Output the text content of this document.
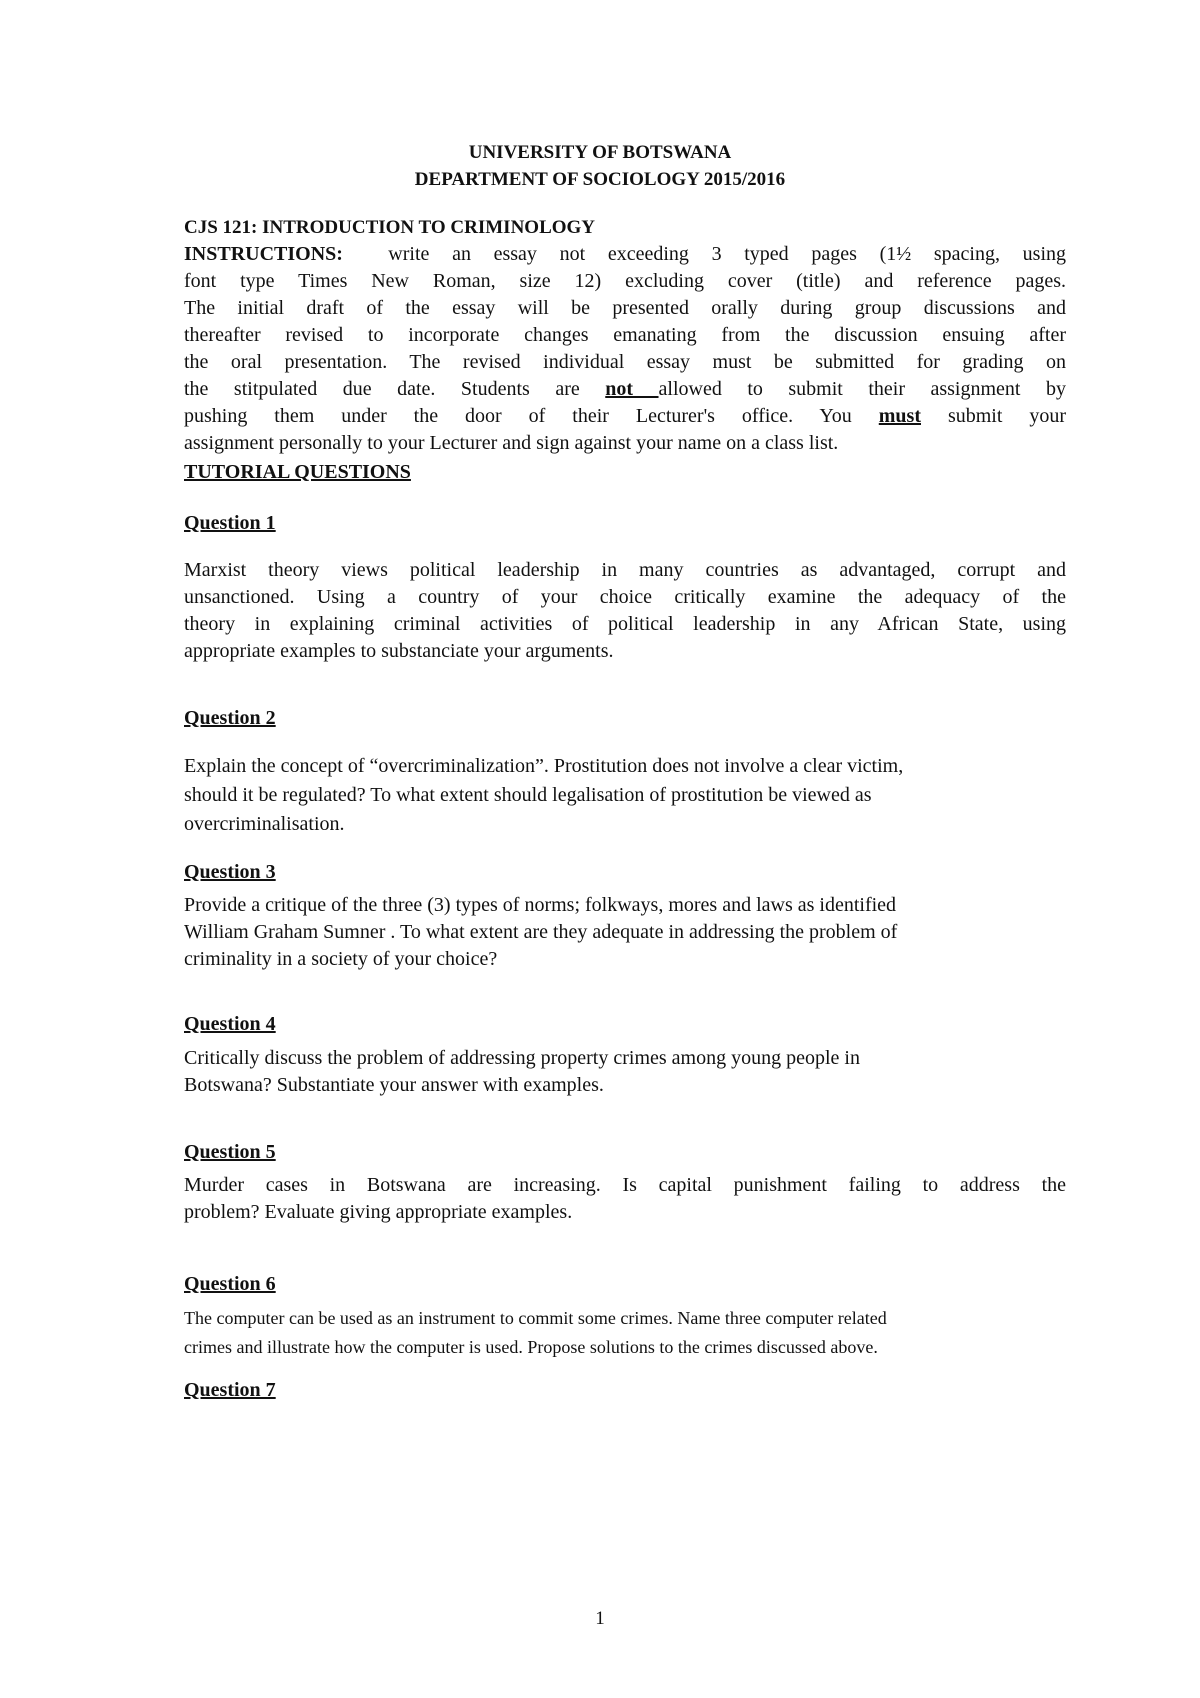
UNIVERSITY OF BOTSWANA
DEPARTMENT OF SOCIOLOGY 2015/2016
CJS 121: INTRODUCTION TO CRIMINOLOGY
INSTRUCTIONS: write an essay not exceeding 3 typed pages (1½ spacing, using
font type Times New Roman, size 12) excluding cover (title) and reference pages.
The initial draft of the essay will be presented orally during group discussions and
thereafter revised to incorporate changes emanating from the discussion ensuing after
the oral presentation. The revised individual essay must be submitted for grading on
the stitpulated due date. Students are not allowed to submit their assignment by
pushing them under the door of their Lecturer's office. You must submit your
assignment personally to your Lecturer and sign against your name on a class list.
TUTORIAL QUESTIONS
Question 1
Marxist theory views political leadership in many countries as advantaged, corrupt and
unsanctioned. Using a country of your choice critically examine the adequacy of the
theory in explaining criminal activities of political leadership in any African State, using
appropriate examples to substanciate your arguments.
Question 2
Explain the concept of “overcriminalization”. Prostitution does not involve a clear victim,
should it be regulated? To what extent should legalisation of prostitution be viewed as
overcriminalisation.
Question 3
Provide a critique of the three (3) types of norms; folkways, mores and laws as identified
William Graham Sumner . To what extent are they adequate in addressing the problem of
criminality in a society of your choice?
Question 4
Critically discuss the problem of addressing property crimes among young people in
Botswana? Substantiate your answer with examples.
Question 5
Murder cases in Botswana are increasing. Is capital punishment failing to address the
problem? Evaluate giving appropriate examples.
Question 6
The computer can be used as an instrument to commit some crimes. Name three computer related
crimes and illustrate how the computer is used. Propose solutions to the crimes discussed above.
Question 7
1
